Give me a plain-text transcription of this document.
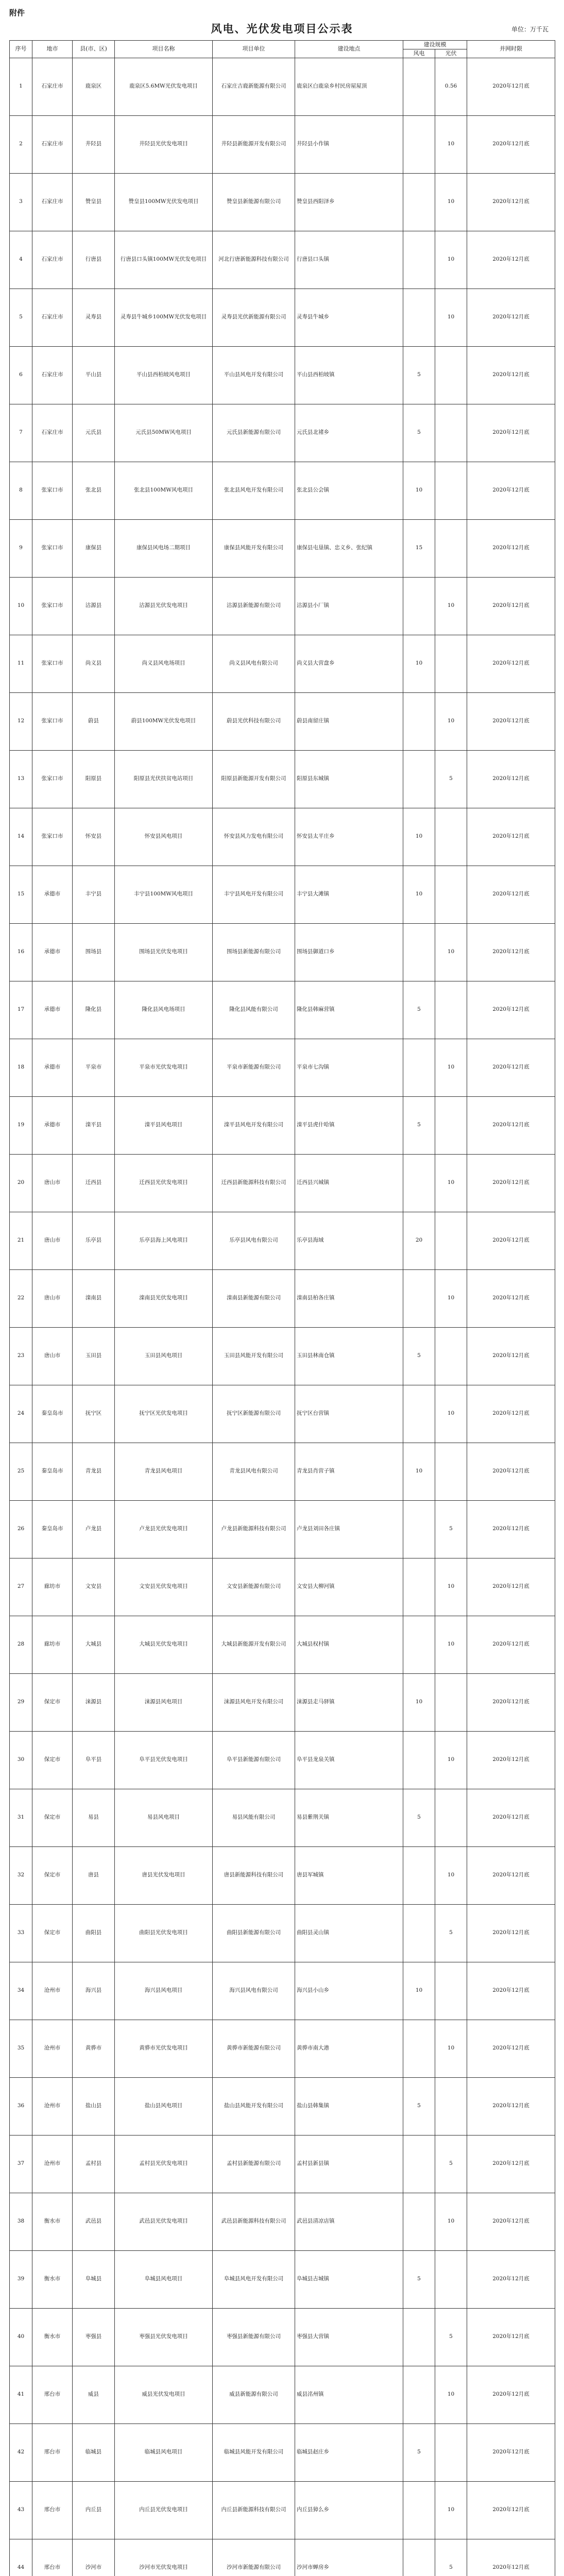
附件
风电、光伏发电项目公示表	单位：万千瓦
序号	地市	县(市、区)	项目名称	项目单位	建设地点	建设规模		并网时限
						风电	光伏	
1	石家庄市	鹿泉区	鹿泉区5.6MW光伏发电项目	石家庄吉鹿新能源有限公司	鹿泉区白鹿泉乡村民房屋屋顶		0.56	2020年12月底
2	石家庄市	井陉县	井陉县光伏发电项目	井陉县新能源开发有限公司	井陉县小作镇		10	2020年12月底
3	石家庄市	赞皇县	赞皇县100MW光伏发电项目	赞皇县新能源有限公司	赞皇县西阳泽乡		10	2020年12月底
4	石家庄市	行唐县	行唐县口头镇100MW光伏发电项目	河北行唐新能源科技有限公司	行唐县口头镇		10	2020年12月底
5	石家庄市	灵寿县	灵寿县牛城乡100MW光伏发电项目	灵寿县光伏新能源有限公司	灵寿县牛城乡		10	2020年12月底
6	石家庄市	平山县	平山县西柏坡风电项目	平山县风电开发有限公司	平山县西柏坡镇	5		2020年12月底
7	石家庄市	元氏县	元氏县50MW风电项目	元氏县新能源有限公司	元氏县北褚乡	5		2020年12月底
8	张家口市	张北县	张北县100MW风电项目	张北县风电开发有限公司	张北县公会镇	10		2020年12月底
9	张家口市	康保县	康保县风电场二期项目	康保县风能开发有限公司	康保县屯垦镇、忠义乡、张纪镇	15		2020年12月底
10	张家口市	沽源县	沽源县光伏发电项目	沽源县新能源有限公司	沽源县小厂镇		10	2020年12月底
11	张家口市	尚义县	尚义县风电场项目	尚义县风电有限公司	尚义县大营盘乡	10		2020年12月底
12	张家口市	蔚县	蔚县100MW光伏发电项目	蔚县光伏科技有限公司	蔚县南留庄镇		10	2020年12月底
13	张家口市	阳原县	阳原县光伏扶贫电站项目	阳原县新能源开发有限公司	阳原县东城镇		5	2020年12月底
14	张家口市	怀安县	怀安县风电项目	怀安县风力发电有限公司	怀安县太平庄乡	10		2020年12月底
15	承德市	丰宁县	丰宁县100MW风电项目	丰宁县风电开发有限公司	丰宁县大滩镇	10		2020年12月底
16	承德市	围场县	围场县光伏发电项目	围场县新能源有限公司	围场县御道口乡		10	2020年12月底
17	承德市	隆化县	隆化县风电场项目	隆化县风能有限公司	隆化县韩麻营镇	5		2020年12月底
18	承德市	平泉市	平泉市光伏发电项目	平泉市新能源有限公司	平泉市七沟镇		10	2020年12月底
19	承德市	滦平县	滦平县风电项目	滦平县风电开发有限公司	滦平县虎什哈镇	5		2020年12月底
20	唐山市	迁西县	迁西县光伏发电项目	迁西县新能源科技有限公司	迁西县兴城镇		10	2020年12月底
21	唐山市	乐亭县	乐亭县海上风电项目	乐亭县风电有限公司	乐亭县海域	20		2020年12月底
22	唐山市	滦南县	滦南县光伏发电项目	滦南县新能源有限公司	滦南县柏各庄镇		10	2020年12月底
23	唐山市	玉田县	玉田县风电项目	玉田县风能开发有限公司	玉田县林南仓镇	5		2020年12月底
24	秦皇岛市	抚宁区	抚宁区光伏发电项目	抚宁区新能源有限公司	抚宁区台营镇		10	2020年12月底
25	秦皇岛市	青龙县	青龙县风电项目	青龙县风电有限公司	青龙县肖营子镇	10		2020年12月底
26	秦皇岛市	卢龙县	卢龙县光伏发电项目	卢龙县新能源科技有限公司	卢龙县刘田各庄镇		5	2020年12月底
27	廊坊市	文安县	文安县光伏发电项目	文安县新能源有限公司	文安县大柳河镇		10	2020年12月底
28	廊坊市	大城县	大城县光伏发电项目	大城县新能源开发有限公司	大城县权村镇		10	2020年12月底
29	保定市	涞源县	涞源县风电项目	涞源县风电开发有限公司	涞源县走马驿镇	10		2020年12月底
30	保定市	阜平县	阜平县光伏发电项目	阜平县新能源有限公司	阜平县龙泉关镇		10	2020年12月底
31	保定市	易县	易县风电项目	易县风能有限公司	易县紫荆关镇	5		2020年12月底
32	保定市	唐县	唐县光伏发电项目	唐县新能源科技有限公司	唐县军城镇		10	2020年12月底
33	保定市	曲阳县	曲阳县光伏发电项目	曲阳县新能源有限公司	曲阳县灵山镇		5	2020年12月底
34	沧州市	海兴县	海兴县风电项目	海兴县风电有限公司	海兴县小山乡	10		2020年12月底
35	沧州市	黄骅市	黄骅市光伏发电项目	黄骅市新能源有限公司	黄骅市南大港		10	2020年12月底
36	沧州市	盐山县	盐山县风电项目	盐山县风能开发有限公司	盐山县韩集镇	5		2020年12月底
37	沧州市	孟村县	孟村县光伏发电项目	孟村县新能源有限公司	孟村县新县镇		5	2020年12月底
38	衡水市	武邑县	武邑县光伏发电项目	武邑县新能源科技有限公司	武邑县清凉店镇		10	2020年12月底
39	衡水市	阜城县	阜城县风电项目	阜城县风电开发有限公司	阜城县古城镇	5		2020年12月底
40	衡水市	枣强县	枣强县光伏发电项目	枣强县新能源有限公司	枣强县大营镇		5	2020年12月底
41	邢台市	威县	威县光伏发电项目	威县新能源有限公司	威县洺州镇		10	2020年12月底
42	邢台市	临城县	临城县风电项目	临城县风能开发有限公司	临城县赵庄乡	5		2020年12月底
43	邢台市	内丘县	内丘县光伏发电项目	内丘县新能源科技有限公司	内丘县獐么乡		10	2020年12月底
44	邢台市	沙河市	沙河市光伏发电项目	沙河市新能源有限公司	沙河市蝉房乡		5	2020年12月底
